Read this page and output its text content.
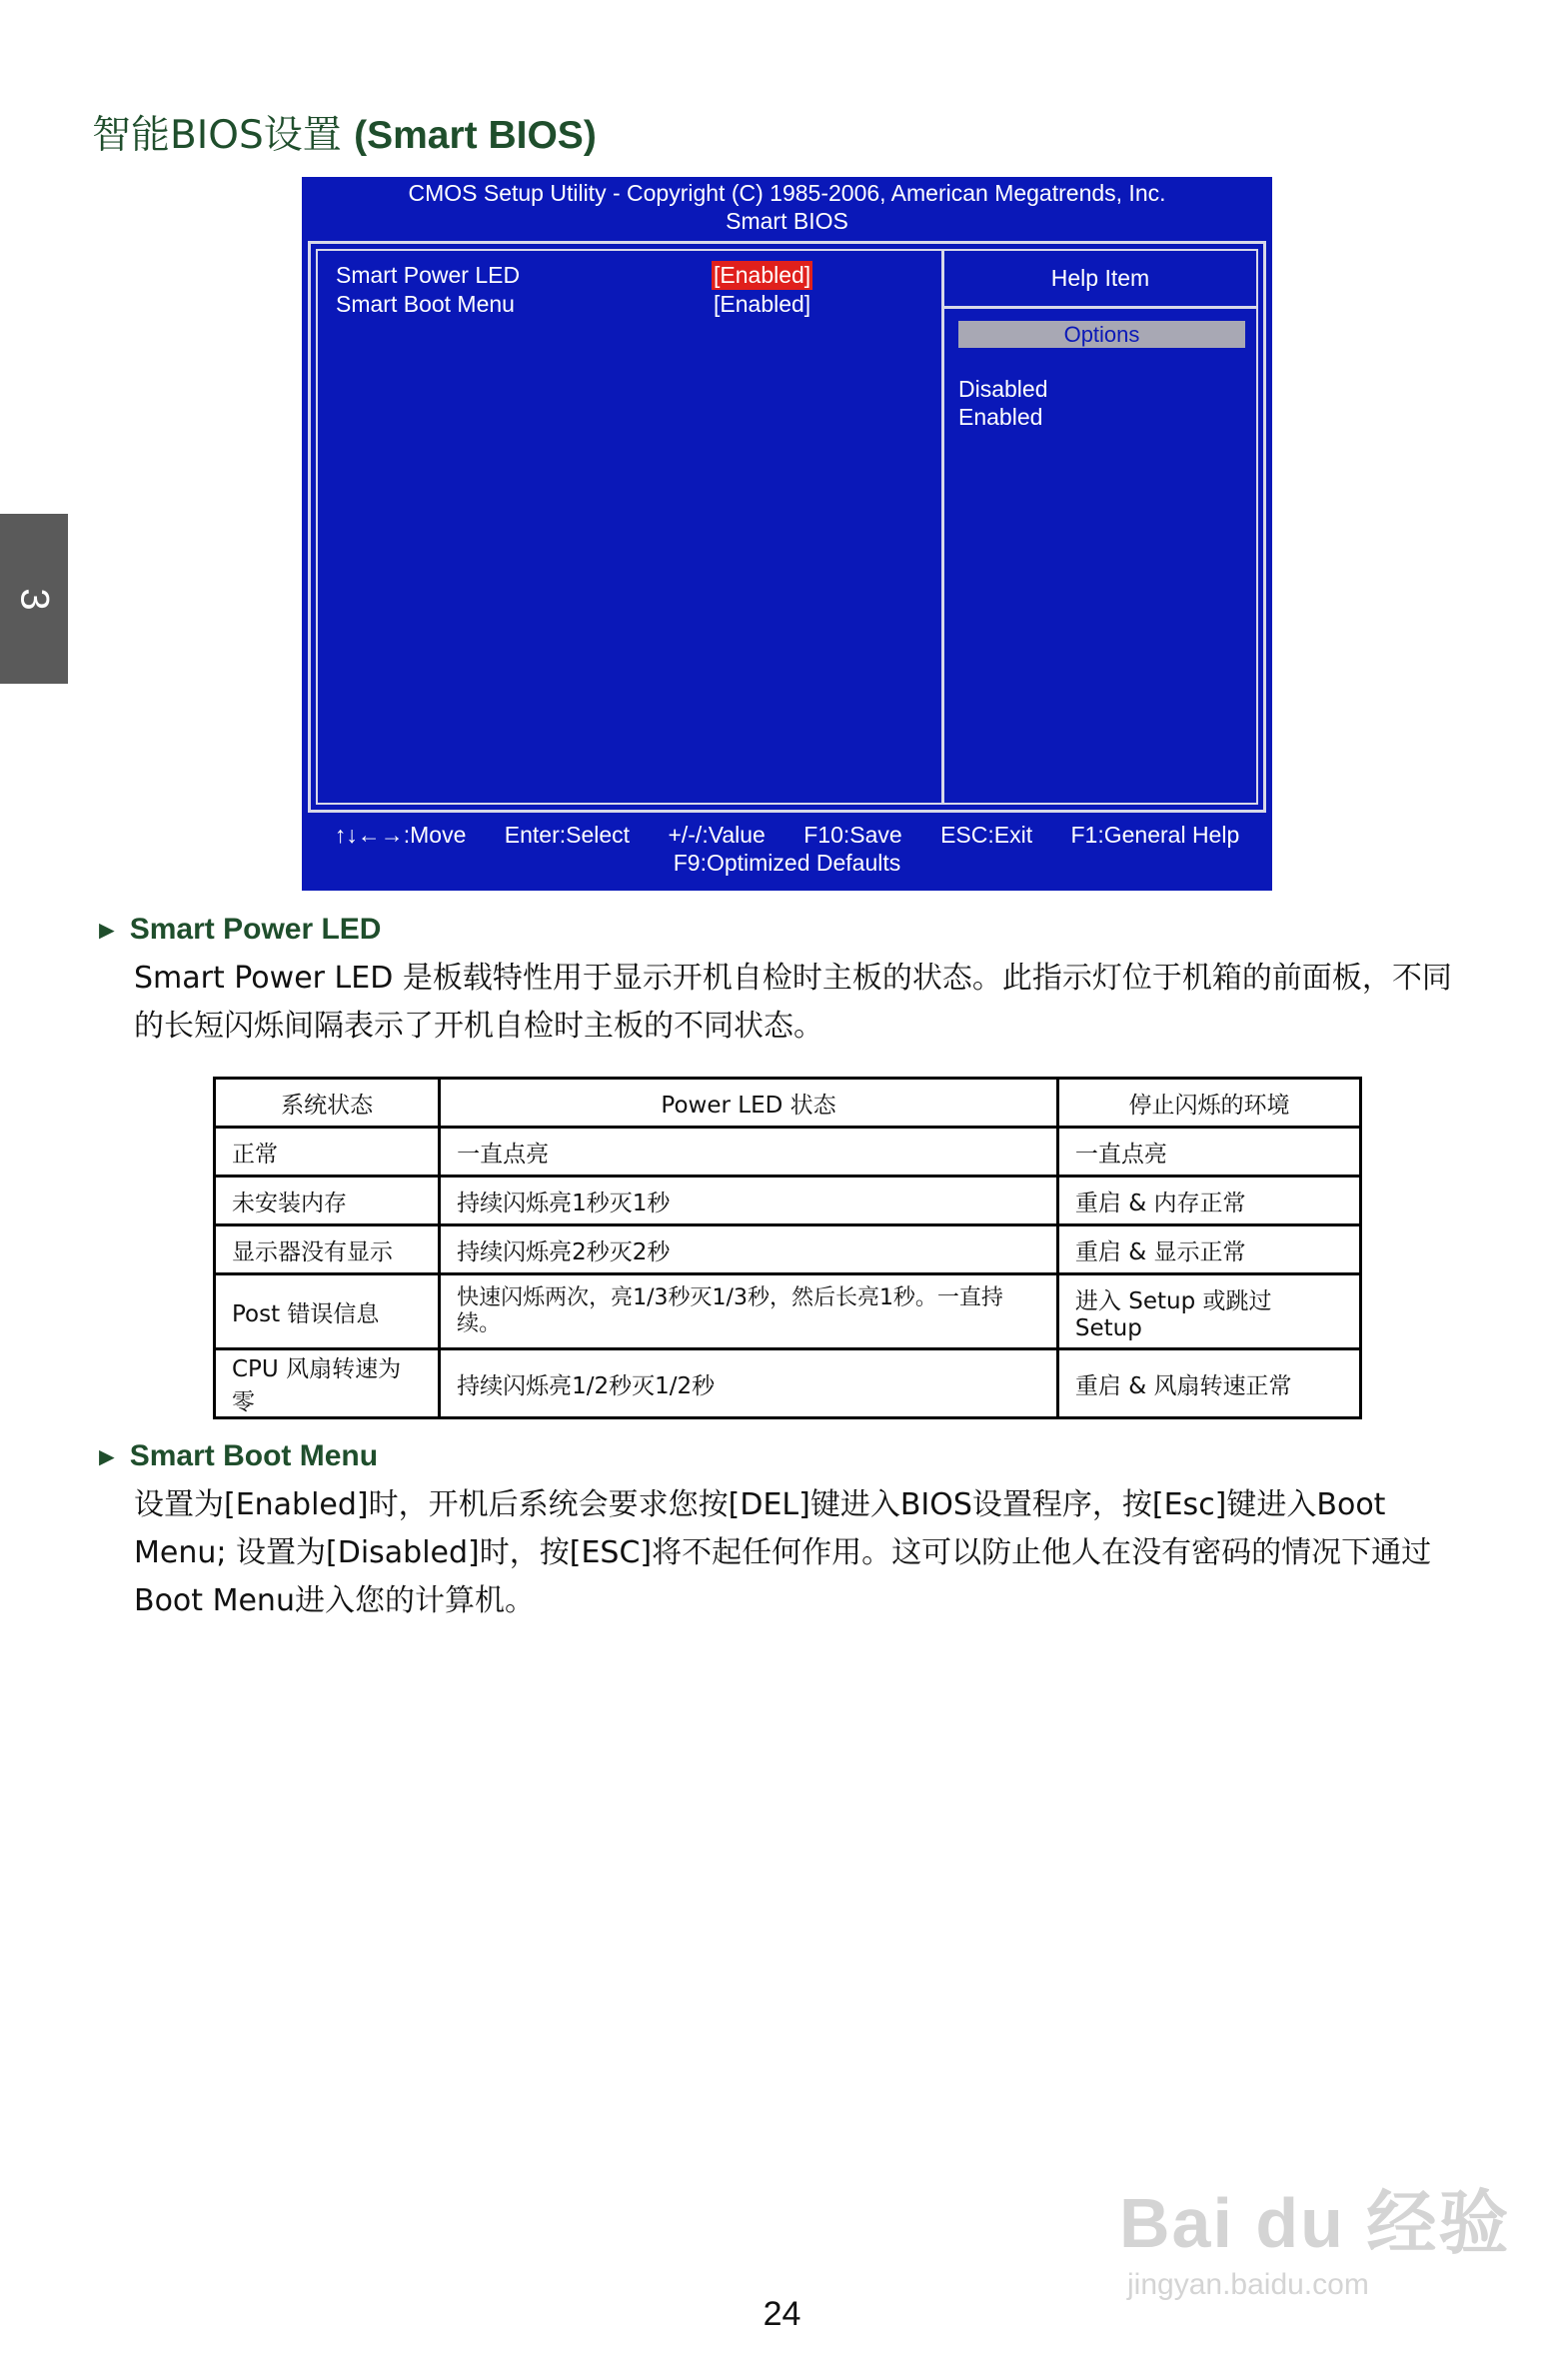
3
智能BIOS设置 (Smart BIOS)
CMOS Setup Utility - Copyright (C) 1985-2006, American Megatrends, Inc.
Smart BIOS
Smart Power LED	[Enabled]
Smart Boot Menu	[Enabled]
Help Item
Options
Disabled
Enabled
↑↓←→:Move Enter:Select +/-/:Value F10:Save ESC:Exit F1:General Help
F9:Optimized Defaults
► Smart Power LED
Smart Power LED 是板载特性用于显示开机自检时主板的状态。此指示灯位于机箱的前面板，不同的长短闪烁间隔表示了开机自检时主板的不同状态。
系统状态	Power LED 状态	停止闪烁的环境
正常	一直点亮	一直点亮
未安装内存	持续闪烁亮1秒灭1秒	重启 & 内存正常
显示器没有显示	持续闪烁亮2秒灭2秒	重启 & 显示正常
Post 错误信息	快速闪烁两次，亮1/3秒灭1/3秒，然后长亮1秒。一直持续。	进入 Setup 或跳过 Setup
CPU 风扇转速为零	持续闪烁亮1/2秒灭1/2秒	重启 & 风扇转速正常
► Smart Boot Menu
设置为[Enabled]时，开机后系统会要求您按[DEL]键进入BIOS设置程序，按[Esc]键进入Boot Menu; 设置为[Disabled]时，按[ESC]将不起任何作用。这可以防止他人在没有密码的情况下通过Boot Menu进入您的计算机。
24
Bai du 经验
jingyan.baidu.com
